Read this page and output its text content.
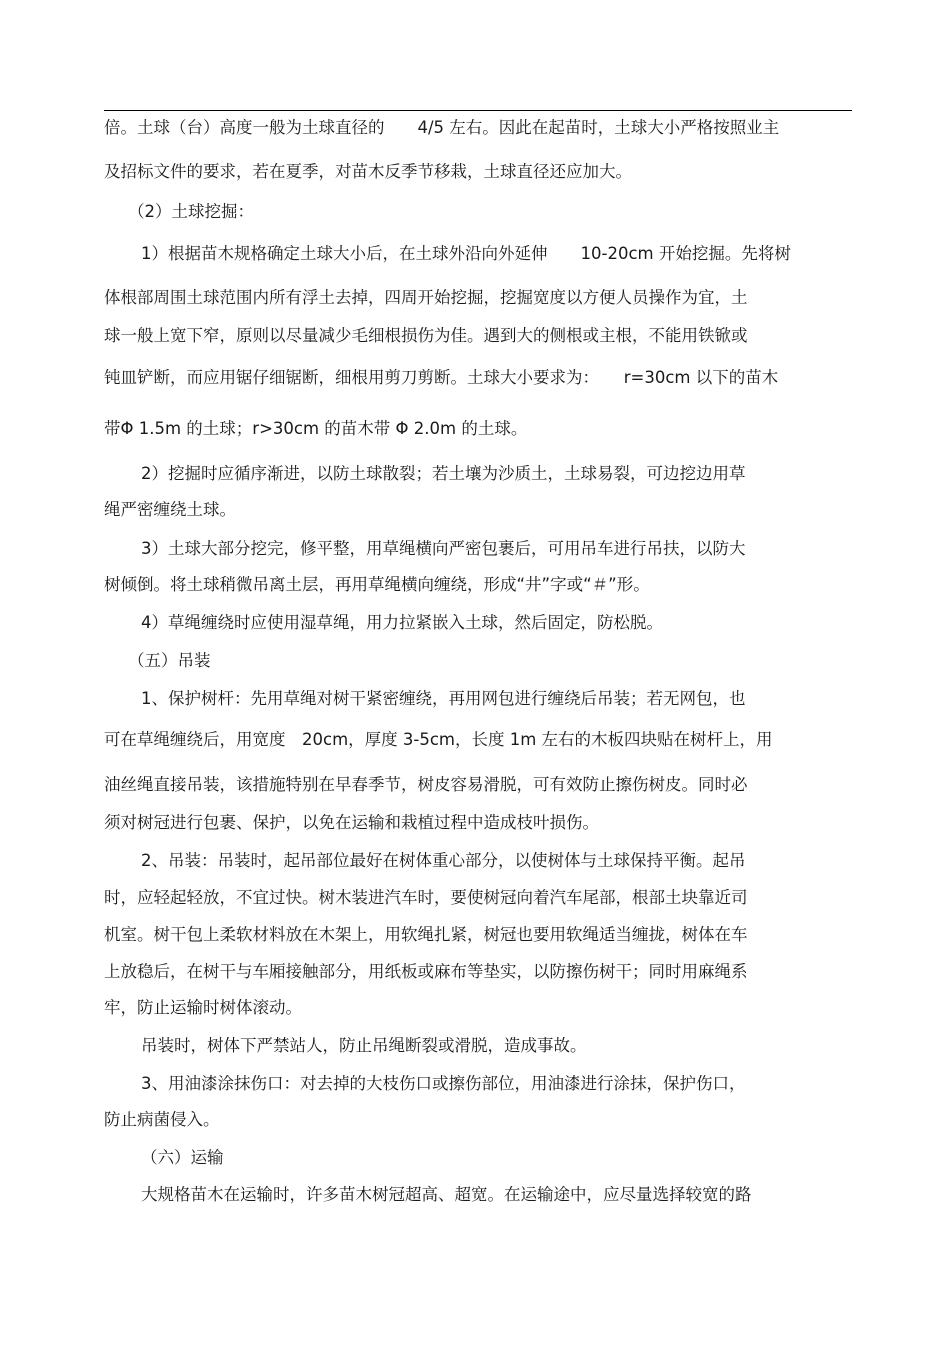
倍。土球（台）高度一般为土球直径的　　4/5 左右。因此在起苗时，土球大小严格按照业主
及招标文件的要求，若在夏季，对苗木反季节移栽，土球直径还应加大。
（2）土球挖掘：
1）根据苗木规格确定土球大小后，在土球外沿向外延伸　　10-20cm 开始挖掘。先将树
体根部周围土球范围内所有浮土去掉，四周开始挖掘，挖掘宽度以方便人员操作为宜，土
球一般上宽下窄，原则以尽量减少毛细根损伤为佳。遇到大的侧根或主根，不能用铁锨或
钝皿铲断，而应用锯仔细锯断，细根用剪刀剪断。土球大小要求为：　　r=30cm 以下的苗木
带Φ 1.5m 的土球；r>30cm 的苗木带 Φ 2.0m 的土球。
2）挖掘时应循序渐进，以防土球散裂；若土壤为沙质土，土球易裂，可边挖边用草
绳严密缠绕土球。
3）土球大部分挖完，修平整，用草绳横向严密包裹后，可用吊车进行吊扶，以防大
树倾倒。将土球稍微吊离土层，再用草绳横向缠绕，形成“井”字或“＃”形。
4）草绳缠绕时应使用湿草绳，用力拉紧嵌入土球，然后固定，防松脱。
（五）吊装
1、保护树杆：先用草绳对树干紧密缠绕，再用网包进行缠绕后吊装；若无网包，也
可在草绳缠绕后，用宽度　20cm，厚度 3-5cm，长度 1m 左右的木板四块贴在树杆上，用
油丝绳直接吊装，该措施特别在早春季节，树皮容易滑脱，可有效防止擦伤树皮。同时必
须对树冠进行包裹、保护，以免在运输和栽植过程中造成枝叶损伤。
2、吊装：吊装时，起吊部位最好在树体重心部分，以使树体与土球保持平衡。起吊
时，应轻起轻放，不宜过快。树木装进汽车时，要使树冠向着汽车尾部，根部土块靠近司
机室。树干包上柔软材料放在木架上，用软绳扎紧，树冠也要用软绳适当缠拢，树体在车
上放稳后，在树干与车厢接触部分，用纸板或麻布等垫实，以防擦伤树干；同时用麻绳系
牢，防止运输时树体滚动。
吊装时，树体下严禁站人，防止吊绳断裂或滑脱，造成事故。
3、用油漆涂抹伤口：对去掉的大枝伤口或擦伤部位，用油漆进行涂抹，保护伤口，
防止病菌侵入。
（六）运输
大规格苗木在运输时，许多苗木树冠超高、超宽。在运输途中，应尽量选择较宽的路
